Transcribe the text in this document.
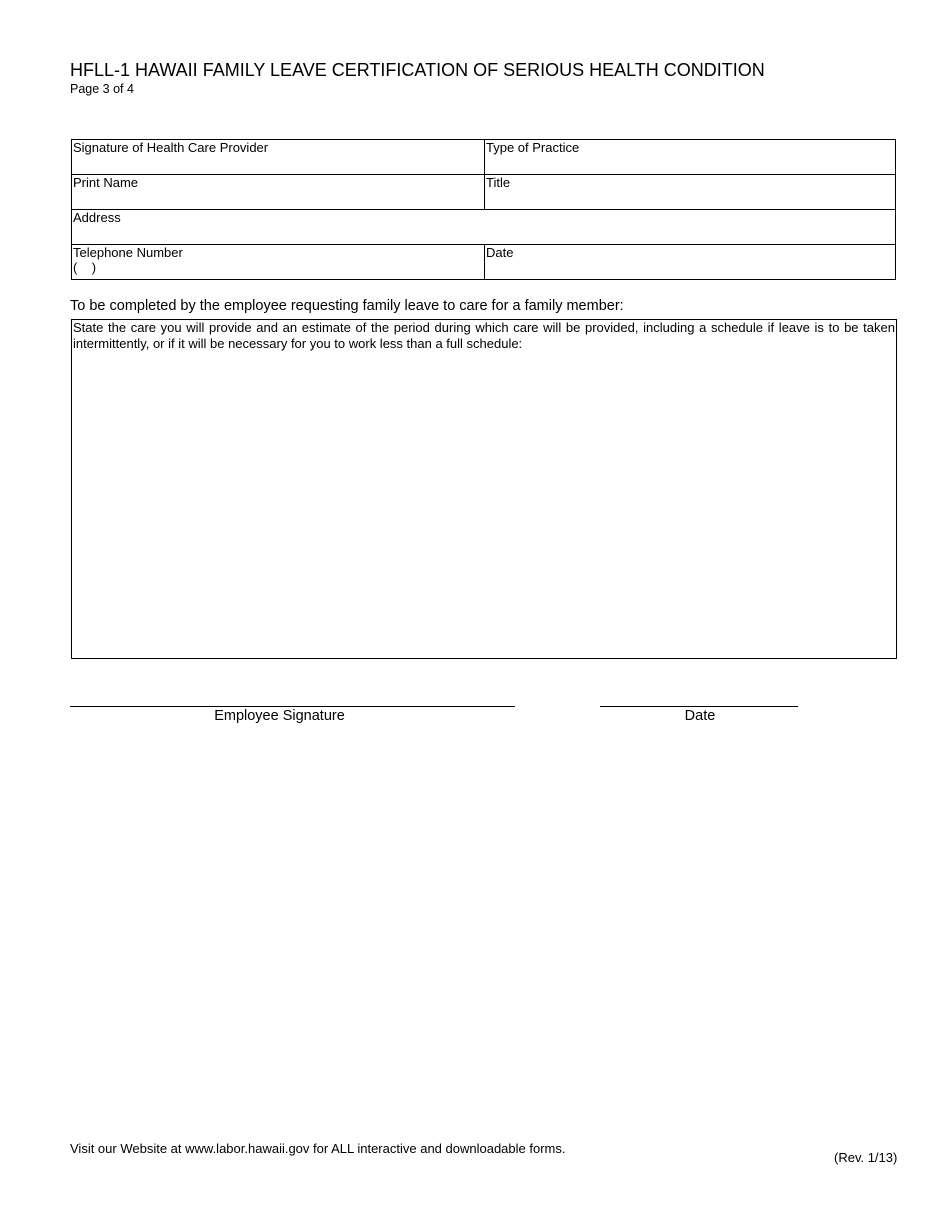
HFLL-1 HAWAII FAMILY LEAVE CERTIFICATION OF SERIOUS HEALTH CONDITION
Page 3 of 4
Signature of Health Care Provider	Type of Practice
Print Name	Title
Address	

Telephone Number
(    )	Date
To be completed by the employee requesting family leave to care for a family member:
State the care you will provide and an estimate of the period during which care will be provided, including a schedule if leave is to be taken intermittently, or if it will be necessary for you to work less than a full schedule:
Employee Signature	Date
Visit our Website at www.labor.hawaii.gov for ALL interactive and downloadable forms.
(Rev. 1/13)
